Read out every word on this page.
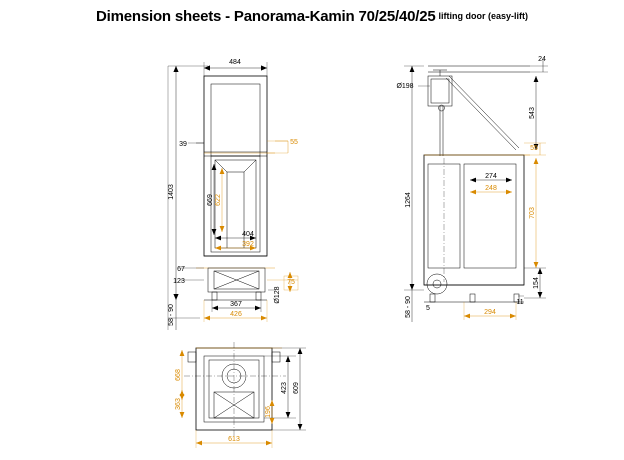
Dimension sheets - Panorama-Kamin 70/25/40/25 lifting door (easy-lift)
1403
58 - 90
484
39	55
669 622
404
392
67
123	75
Ø128
367
426
Ø198
24
543
55
274
248
1264
58 - 90
703
154
5
11
294
668
363
423 609
196
613
